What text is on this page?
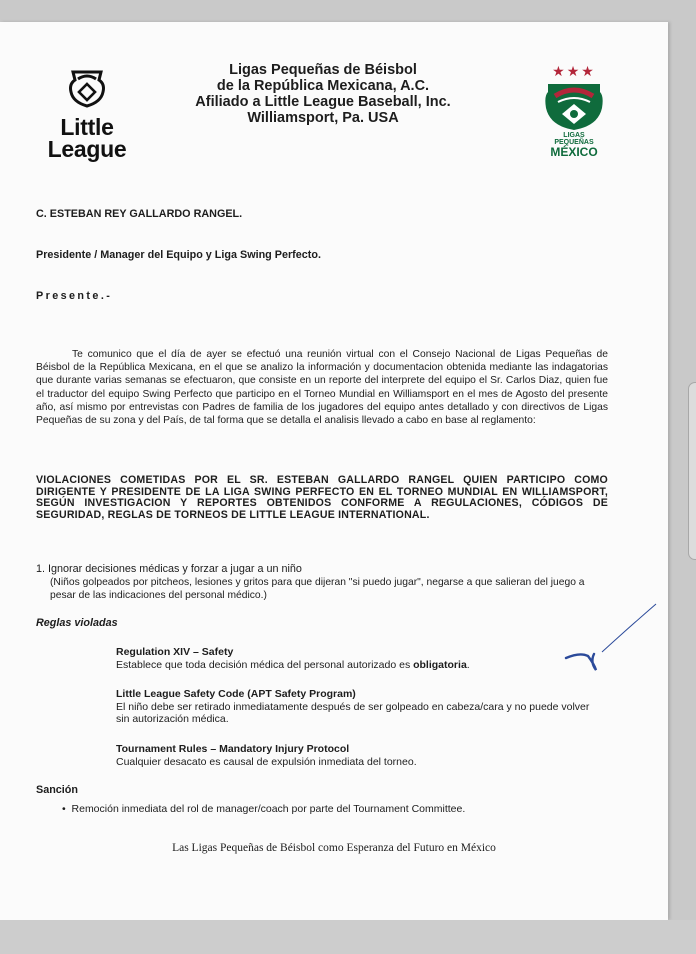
Little
League
Ligas Pequeñas de Béisbol
de la República Mexicana, A.C.
Afiliado a Little League Baseball, Inc.
Williamsport, Pa. USA
★★★
LIGAS
PEQUEÑAS
MÉXICO
C. ESTEBAN REY GALLARDO RANGEL.
Presidente / Manager del Equipo y Liga Swing Perfecto.
Presente.-
Te comunico que el día de ayer se efectuó una reunión virtual con el Consejo Nacional de Ligas Pequeñas de Béisbol de la República Mexicana, en el que se analizo la información y documentacion obtenida mediante las indagatorias que durante varias semanas se efectuaron, que consiste en un reporte del interprete del equipo el Sr. Carlos Diaz, quien fue el traductor del equipo Swing Perfecto que participo en el Torneo Mundial en Williamsport en el mes de Agosto del presente año, así mismo por entrevistas con Padres de familia de los jugadores del equipo antes detallado y con directivos de Ligas Pequeñas de su zona y del País, de tal forma que se detalla el analisis llevado a cabo en base al reglamento:
VIOLACIONES COMETIDAS POR EL SR. ESTEBAN GALLARDO RANGEL QUIEN PARTICIPO COMO DIRIGENTE Y PRESIDENTE DE LA LIGA SWING PERFECTO EN EL TORNEO MUNDIAL EN WILLIAMSPORT, SEGÚN INVESTIGACION Y REPORTES OBTENIDOS CONFORME A REGULACIONES, CÓDIGOS DE SEGURIDAD, REGLAS DE TORNEOS DE LITTLE LEAGUE INTERNATIONAL.
1. Ignorar decisiones médicas y forzar a jugar a un niño
(Niños golpeados por pitcheos, lesiones y gritos para que dijeran "si puedo jugar", negarse a que salieran del juego a pesar de las indicaciones del personal médico.)
Reglas violadas
Regulation XIV – Safety
Establece que toda decisión médica del personal autorizado es obligatoria.
Little League Safety Code (APT Safety Program)
El niño debe ser retirado inmediatamente después de ser golpeado en cabeza/cara y no puede volver sin autorización médica.
Tournament Rules – Mandatory Injury Protocol
Cualquier desacato es causal de expulsión inmediata del torneo.
Sanción
•  Remoción inmediata del rol de manager/coach por parte del Tournament Committee.
Las Ligas Pequeñas de Béisbol como Esperanza del Futuro en México
